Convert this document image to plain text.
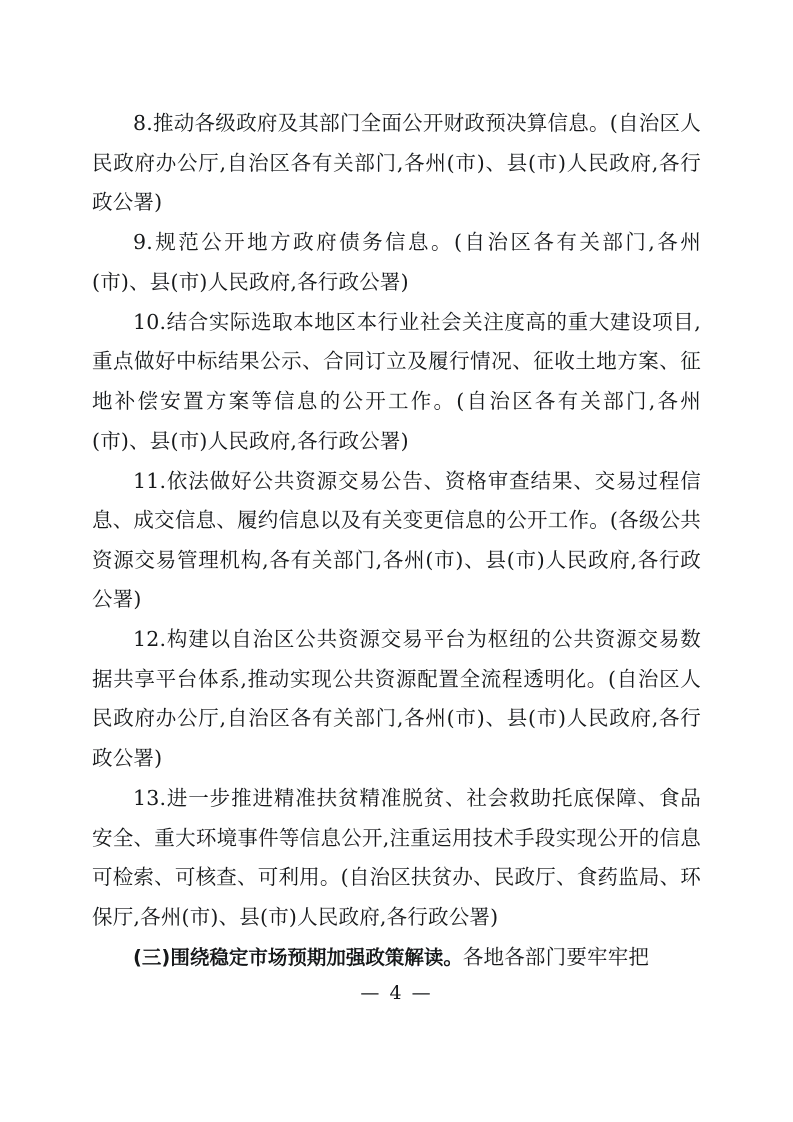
8.推动各级政府及其部门全面公开财政预决算信息。(自治区人民政府办公厅,自治区各有关部门,各州(市)、县(市)人民政府,各行政公署)

9.规范公开地方政府债务信息。(自治区各有关部门,各州(市)、县(市)人民政府,各行政公署)

10.结合实际选取本地区本行业社会关注度高的重大建设项目,重点做好中标结果公示、合同订立及履行情况、征收土地方案、征地补偿安置方案等信息的公开工作。(自治区各有关部门,各州(市)、县(市)人民政府,各行政公署)

11.依法做好公共资源交易公告、资格审查结果、交易过程信息、成交信息、履约信息以及有关变更信息的公开工作。(各级公共资源交易管理机构,各有关部门,各州(市)、县(市)人民政府,各行政公署)

12.构建以自治区公共资源交易平台为枢纽的公共资源交易数据共享平台体系,推动实现公共资源配置全流程透明化。(自治区人民政府办公厅,自治区各有关部门,各州(市)、县(市)人民政府,各行政公署)

13.进一步推进精准扶贫精准脱贫、社会救助托底保障、食品安全、重大环境事件等信息公开,注重运用技术手段实现公开的信息可检索、可核查、可利用。(自治区扶贫办、民政厅、食药监局、环保厅,各州(市)、县(市)人民政府,各行政公署)

(三)围绕稳定市场预期加强政策解读。各地各部门要牢牢把

— 4 —
